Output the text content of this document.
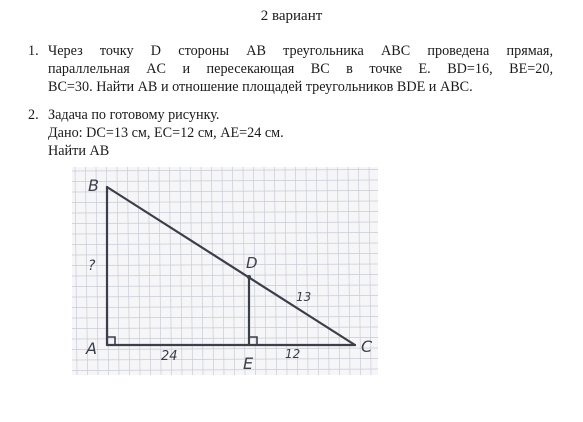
2 вариант
1. Через точку D стороны AB треугольника ABC проведена прямая,
параллельная AC и пересекающая BC в точке E. BD=16, BE=20,
BC=30. Найти AB и отношение площадей треугольников BDE и ABC.
2. Задача по готовому рисунку.
Дано: DC=13 см, EC=12 см, AE=24 см.
Найти AB
B
A
E
D
C
?
24	12
13
